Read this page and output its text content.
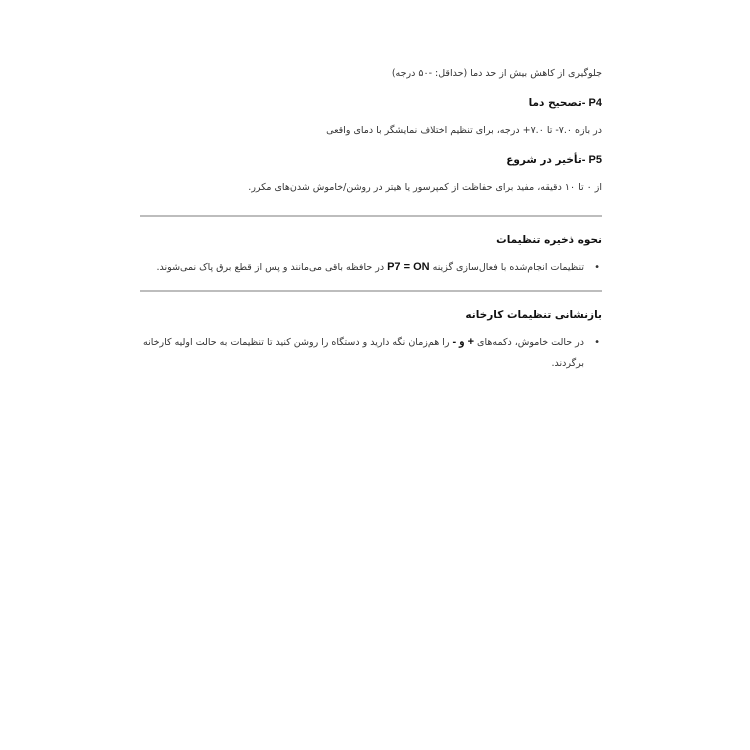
جلوگیری از کاهش بیش از حد دما (حداقل: -۵۰ درجه)

P4 -تصحیح دما

در بازه ‎-۷.۰ تا ‎+۷.۰ درجه، برای تنظیم اختلاف نمایشگر با دمای واقعی

P5 -تأخیر در شروع

از ۰ تا ۱۰ دقیقه، مفید برای حفاظت از کمپرسور یا هیتر در روشن/خاموش شدن‌های مکرر.

نحوه ذخیره تنظیمات

•
تنظیمات انجام‌شده با فعال‌سازی گزینه P7 = ON در حافظه باقی می‌مانند و پس از قطع برق پاک نمی‌شوند.

بازنشانی تنظیمات کارخانه

•
در حالت خاموش، دکمه‌های + و - را هم‌زمان نگه دارید و دستگاه را روشن کنید تا تنظیمات به حالت اولیه کارخانه برگردند.
